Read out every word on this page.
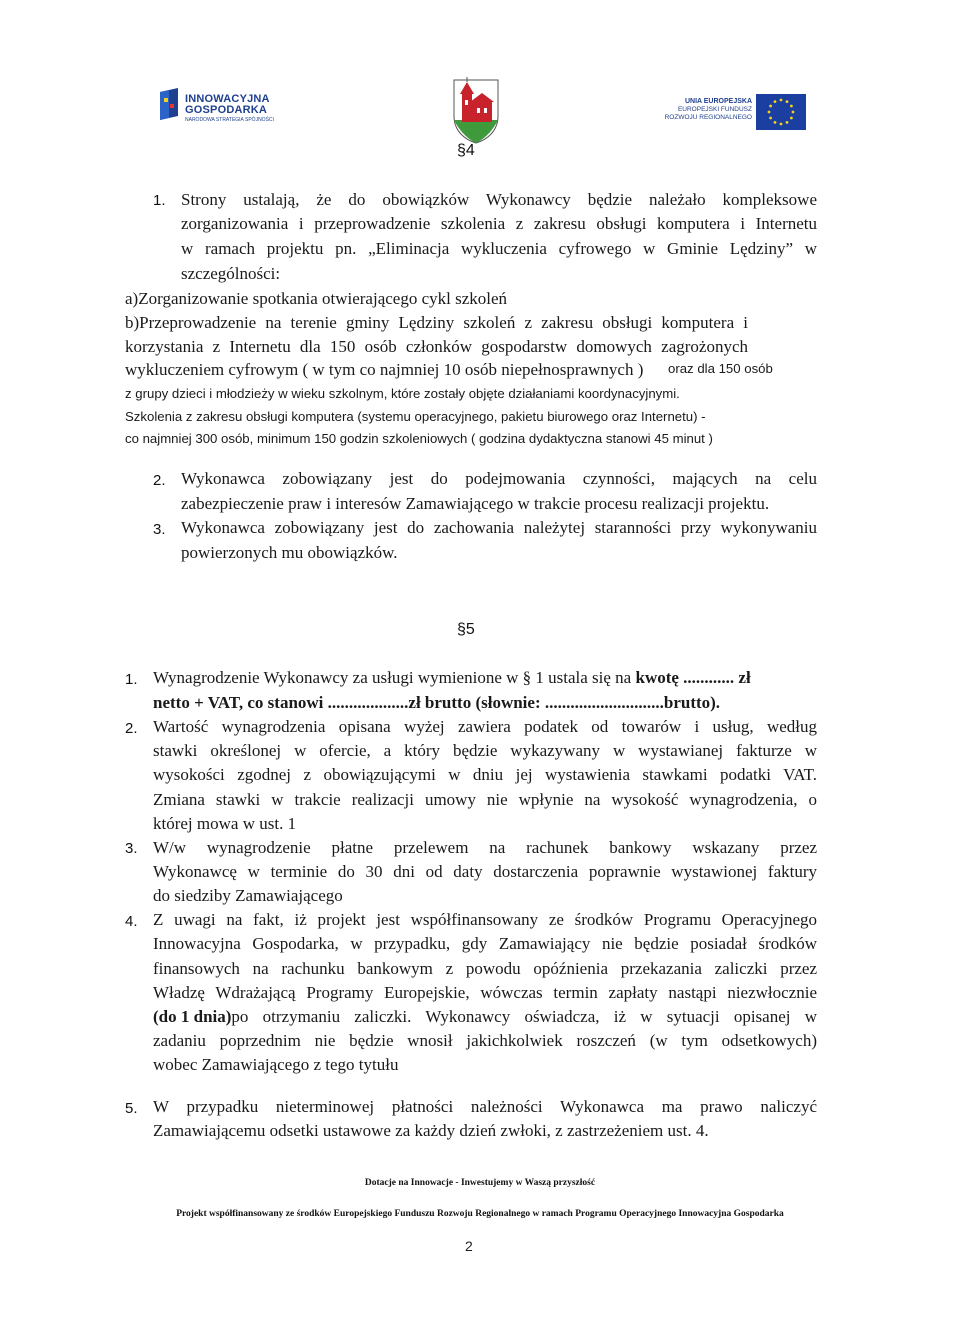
INNOWACYJNA
GOSPODARKA
NARODOWA STRATEGIA SPÓJNOŚCI
UNIA EUROPEJSKA
EUROPEJSKI FUNDUSZ
ROZWOJU REGIONALNEGO
§4
1. Strony ustalają, że do obowiązków Wykonawcy będzie należało kompleksowe
zorganizowania i przeprowadzenie szkolenia z zakresu obsługi komputera i Internetu
w ramach projektu pn. „Eliminacja wykluczenia cyfrowego w Gminie Lędziny” w
szczególności:
a)Zorganizowanie spotkania otwierającego cykl szkoleń
b)Przeprowadzenie na terenie gminy Lędziny szkoleń z zakresu obsługi komputera i
korzystania z Internetu dla 150 osób członków gospodarstw domowych zagrożonych
wykluczeniem cyfrowym ( w tym co najmniej 10 osób niepełnosprawnych ) oraz dla 150 osób
z grupy dzieci i młodzieży w wieku szkolnym, które zostały objęte działaniami koordynacyjnymi.
Szkolenia z zakresu obsługi komputera (systemu operacyjnego, pakietu biurowego oraz Internetu) -
co najmniej 300 osób, minimum 150 godzin szkoleniowych ( godzina dydaktyczna stanowi 45 minut )
2. Wykonawca zobowiązany jest do podejmowania czynności, mających na celu
zabezpieczenie praw i interesów Zamawiającego w trakcie procesu realizacji projektu.
3. Wykonawca zobowiązany jest do zachowania należytej staranności przy wykonywaniu
powierzonych mu obowiązków.
§5
1. Wynagrodzenie Wykonawcy za usługi wymienione w § 1 ustala się na kwotę ............ zł
netto + VAT, co stanowi ...................zł brutto (słownie: ............................brutto).
2. Wartość wynagrodzenia opisana wyżej zawiera podatek od towarów i usług, według
stawki określonej w ofercie, a który będzie wykazywany w wystawianej fakturze w
wysokości zgodnej z obowiązującymi w dniu jej wystawienia stawkami podatki VAT.
Zmiana stawki w trakcie realizacji umowy nie wpłynie na wysokość wynagrodzenia, o
której mowa w ust. 1
3. W/w wynagrodzenie płatne przelewem na rachunek bankowy wskazany przez
Wykonawcę w terminie do 30 dni od daty dostarczenia poprawnie wystawionej faktury
do siedziby Zamawiającego
4. Z uwagi na fakt, iż projekt jest współfinansowany ze środków Programu Operacyjnego
Innowacyjna Gospodarka, w przypadku, gdy Zamawiający nie będzie posiadał środków
finansowych na rachunku bankowym z powodu opóźnienia przekazania zaliczki przez
Władzę Wdrażającą Programy Europejskie, wówczas termin zapłaty nastąpi niezwłocznie
(do 1 dnia) po otrzymaniu zaliczki. Wykonawcy oświadcza, iż w sytuacji opisanej w
zadaniu poprzednim nie będzie wnosił jakichkolwiek roszczeń (w tym odsetkowych)
wobec Zamawiającego z tego tytułu
5. W przypadku nieterminowej płatności należności Wykonawca ma prawo naliczyć
Zamawiającemu odsetki ustawowe za każdy dzień zwłoki, z zastrzeżeniem ust. 4.
Dotacje na Innowacje - Inwestujemy w Waszą przyszłość
Projekt współfinansowany ze środków Europejskiego Funduszu Rozwoju Regionalnego w ramach Programu Operacyjnego Innowacyjna Gospodarka
2
